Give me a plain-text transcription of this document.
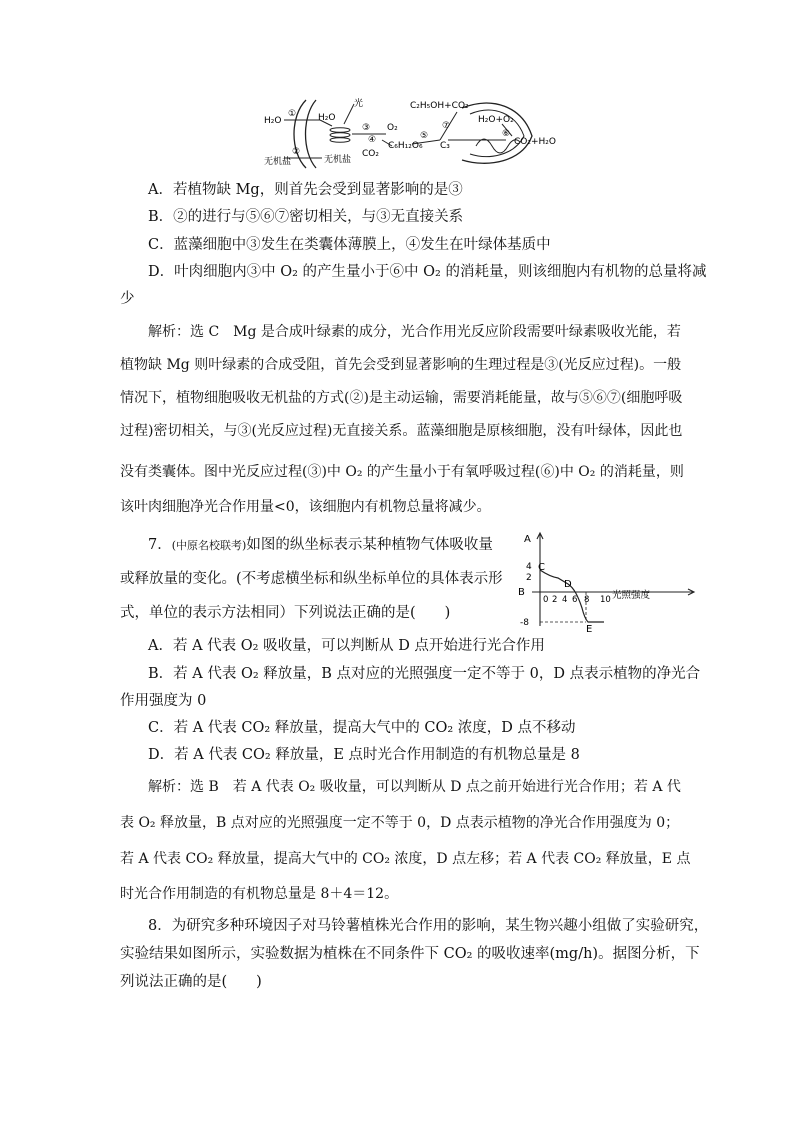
H₂O
①
光
H₂O
③ O₂
④
CO₂
C₆H₁₂O₆
⑤
C₃
C₂H₅OH+CO₂
⑦
H₂O+O₂
⑥
CO₂+H₂O
②
无机盐	无机盐
A．若植物缺 Mg，则首先会受到显著影响的是③
B．②的进行与⑤⑥⑦密切相关，与③无直接关系
C．蓝藻细胞中③发生在类囊体薄膜上，④发生在叶绿体基质中
D．叶肉细胞内③中 O₂ 的产生量小于⑥中 O₂ 的消耗量，则该细胞内有机物的总量将减
少
解析：选 C　Mg 是合成叶绿素的成分，光合作用光反应阶段需要叶绿素吸收光能，若
植物缺 Mg 则叶绿素的合成受阻，首先会受到显著影响的生理过程是③(光反应过程)。一般
情况下，植物细胞吸收无机盐的方式(②)是主动运输，需要消耗能量，故与⑤⑥⑦(细胞呼吸
过程)密切相关，与③(光反应过程)无直接关系。蓝藻细胞是原核细胞，没有叶绿体，因此也
没有类囊体。图中光反应过程(③)中 O₂ 的产生量小于有氧呼吸过程(⑥)中 O₂ 的消耗量，则
该叶肉细胞净光合作用量<0，该细胞内有机物总量将减少。
7．(中原名校联考)如图的纵坐标表示某种植物气体吸收量
或释放量的变化。(不考虑横坐标和纵坐标单位的具体表示形
式，单位的表示方法相同）下列说法正确的是(　　)
4
2
-8
0 2 4 6 8 10
A
光照强度
B
C
D
E
A．若 A 代表 O₂ 吸收量，可以判断从 D 点开始进行光合作用
B．若 A 代表 O₂ 释放量，B 点对应的光照强度一定不等于 0，D 点表示植物的净光合
作用强度为 0
C．若 A 代表 CO₂ 释放量，提高大气中的 CO₂ 浓度，D 点不移动
D．若 A 代表 CO₂ 释放量，E 点时光合作用制造的有机物总量是 8
解析：选 B　若 A 代表 O₂ 吸收量，可以判断从 D 点之前开始进行光合作用；若 A 代
表 O₂ 释放量，B 点对应的光照强度一定不等于 0，D 点表示植物的净光合作用强度为 0；
若 A 代表 CO₂ 释放量，提高大气中的 CO₂ 浓度，D 点左移；若 A 代表 CO₂ 释放量，E 点
时光合作用制造的有机物总量是 8＋4＝12。
8．为研究多种环境因子对马铃薯植株光合作用的影响，某生物兴趣小组做了实验研究，
实验结果如图所示，实验数据为植株在不同条件下 CO₂ 的吸收速率(mg/h)。据图分析，下
列说法正确的是(　　)
